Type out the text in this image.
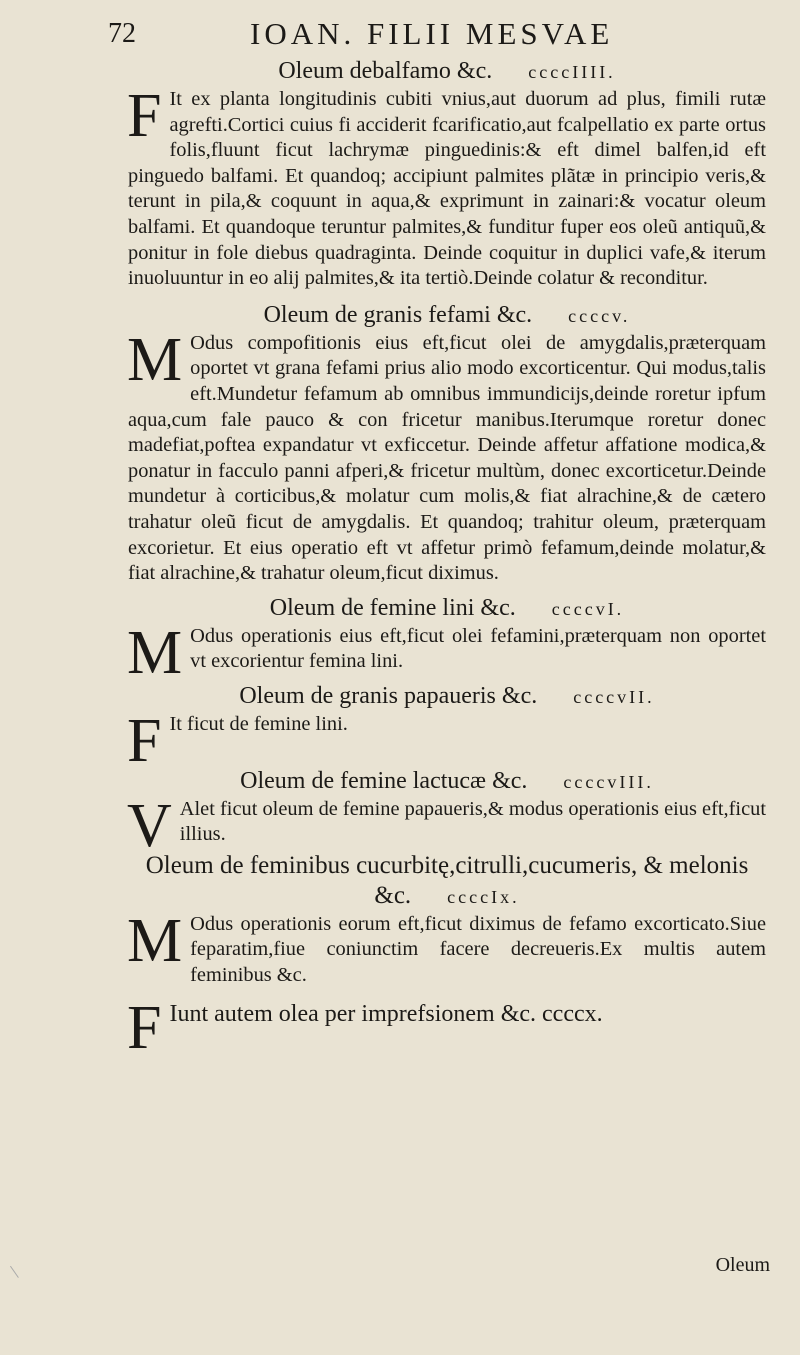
72	IOAN. FILII MESVAE

Oleum debalfamo &c. ccccIIII.

F It ex planta longitudinis cubiti vnius,aut duorum ad plus, fimili rutæ agrefti.Cortici cuius fi acciderit fcarificatio,aut fcalpellatio ex parte ortus folis,fluunt ficut lachrymæ pinguedinis:& eft dimel balfen,id eft pinguedo balfami. Et quandoq; accipiunt palmites plãtæ in principio veris,& terunt in pila,& coquunt in aqua,& exprimunt in zainari:& vocatur oleum balfami. Et quandoque teruntur palmites,& funditur fuper eos oleũ antiquũ,& ponitur in fole diebus quadraginta. Deinde coquitur in duplici vafe,& iterum inuoluuntur in eo alij palmites,& ita tertiò.Deinde colatur & reconditur.

Oleum de granis fefami &c. ccccv.

M Odus compofitionis eius eft,ficut olei de amygdalis,præterquam oportet vt grana fefami prius alio modo excorticentur. Qui modus,talis eft.Mundetur fefamum ab omnibus immundicijs,deinde roretur ipfum aqua,cum fale pauco & con fricetur manibus.Iterumque roretur donec madefiat,poftea expandatur vt exficcetur. Deinde affetur affatione modica,& ponatur in facculo panni afperi,& fricetur multùm, donec excorticetur.Deinde mundetur à corticibus,& molatur cum molis,& fiat alrachine,& de cætero trahatur oleũ ficut de amygdalis. Et quandoq; trahitur oleum, præterquam excorietur. Et eius operatio eft vt affetur primò fefamum,deinde molatur,& fiat alrachine,& trahatur oleum,ficut diximus.

Oleum de femine lini &c. ccccvI.

M Odus operationis eius eft,ficut olei fefamini,præterquam non oportet vt excorientur femina lini.

Oleum de granis papaueris &c. ccccvII.

F It ficut de femine lini.

Oleum de femine lactucæ &c. ccccvIII.

V Alet ficut oleum de femine papaueris,& modus operationis eius eft,ficut illius.

Oleum de feminibus cucurbitę,citrulli,cucumeris, & melonis &c. ccccIx.

M Odus operationis eorum eft,ficut diximus de fefamo excorticato.Siue feparatim,fiue coniunctim facere decreueris.Ex multis autem feminibus &c.

F Iunt autem olea per imprefsionem &c. ccccx.

Oleum
